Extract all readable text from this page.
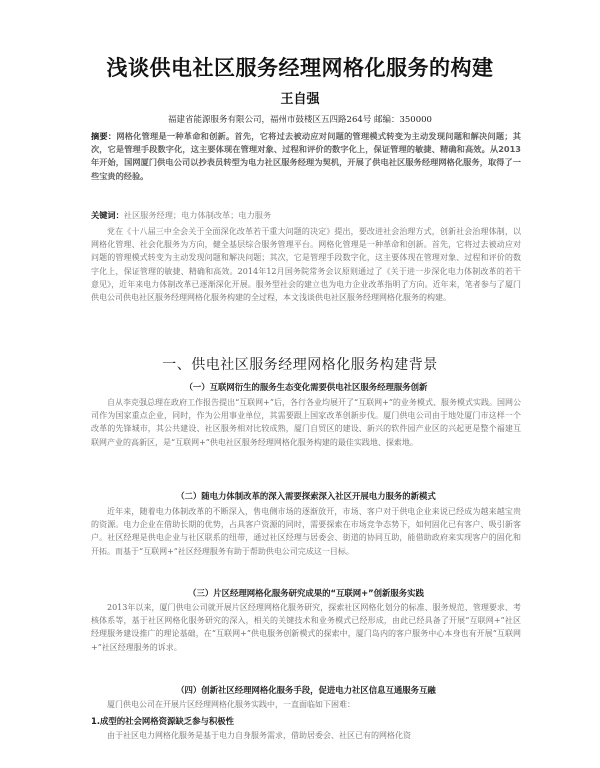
浅谈供电社区服务经理网格化服务的构建
王自强
福建省能源服务有限公司，福州市鼓楼区五四路264号 邮编：350000
摘要：网格化管理是一种革命和创新。首先，它将过去被动应对问题的管理模式转变为主动发现问题和解决问题；其次，它是管理手段数字化，这主要体现在管理对象、过程和评价的数字化上，保证管理的敏捷、精确和高效。从2013年开始，国网厦门供电公司以抄表员转型为电力社区服务经理为契机，开展了供电社区服务经理网格化服务，取得了一些宝贵的经验。
关键词：社区服务经理；电力体制改革；电力服务
党在《十八届三中全会关于全面深化改革若干重大问题的决定》提出，要改进社会治理方式，创新社会治理体制，以网格化管理、社会化服务为方向，健全基层综合服务管理平台。网格化管理是一种革命和创新。首先，它将过去被动应对问题的管理模式转变为主动发现问题和解决问题；其次，它是管理手段数字化，这主要体现在管理对象、过程和评价的数字化上，保证管理的敏捷、精确和高效。2014年12月国务院常务会议原则通过了《关于进一步深化电力体制改革的若干意见》，近年来电力体制改革已逐渐深化开展。服务型社会的建立也为电力企业改革指明了方向。近年来，笔者参与了厦门供电公司供电社区服务经理网格化服务构建的全过程，本文浅谈供电社区服务经理网格化服务的构建。
一、供电社区服务经理网格化服务构建背景
（一）互联网衍生的服务生态变化需要供电社区服务经理服务创新
自从李克强总理在政府工作报告提出“互联网+”后，各行各业均展开了“互联网+”的业务模式、服务模式实践。国网公司作为国家重点企业，同时，作为公用事业单位，其需要跟上国家改革创新步伐。厦门供电公司由于地处厦门市这样一个改革的先锋城市，其公共建设、社区服务相对比较成熟，厦门自贸区的建设、新兴的软件园产业区的兴起更是整个福建互联网产业的高新区，是“互联网+”供电社区服务经理网格化服务构建的最佳实践地、探索地。
（二）随电力体制改革的深入需要探索深入社区开展电力服务的新模式
近年来，随着电力体制改革的不断深入，售电侧市场的逐渐放开，市场、客户对于供电企业来说已经成为越来越宝贵的资源。电力企业在借助长期的优势，占具客户资源的同时，需要探索在市场竞争态势下，如何固化已有客户、吸引新客户。社区经理是供电企业与社区联系的纽带，通过社区经理与居委会、街道的协同互助，能借助政府来实现客户的固化和开拓。而基于“互联网+”社区经理服务有助于帮助供电公司完成这一目标。
（三）片区经理网格化服务研究成果的“互联网+”创新服务实践
2013年以来，厦门供电公司就开展片区经理网格化服务研究，探索社区网格化划分的标准、服务规范、管理要求、考核体系等，基于社区网格化服务研究的深入，相关的关键技术和业务模式已经形成，由此已经具备了开展“互联网+”社区经理服务建设推广的理论基础，在“互联网+”供电服务创新模式的探索中，厦门岛内的客户服务中心本身也有开展“互联网+”社区经理服务的诉求。
（四）创新社区经理网格化服务手段，促进电力社区信息互通服务互融
厦门供电公司在开展片区经理网格化服务实践中，一直面临如下困难：
1.成型的社会网格资源缺乏参与积极性
由于社区电力网格化服务是基于电力自身服务需求，借助居委会、社区已有的网格化资
